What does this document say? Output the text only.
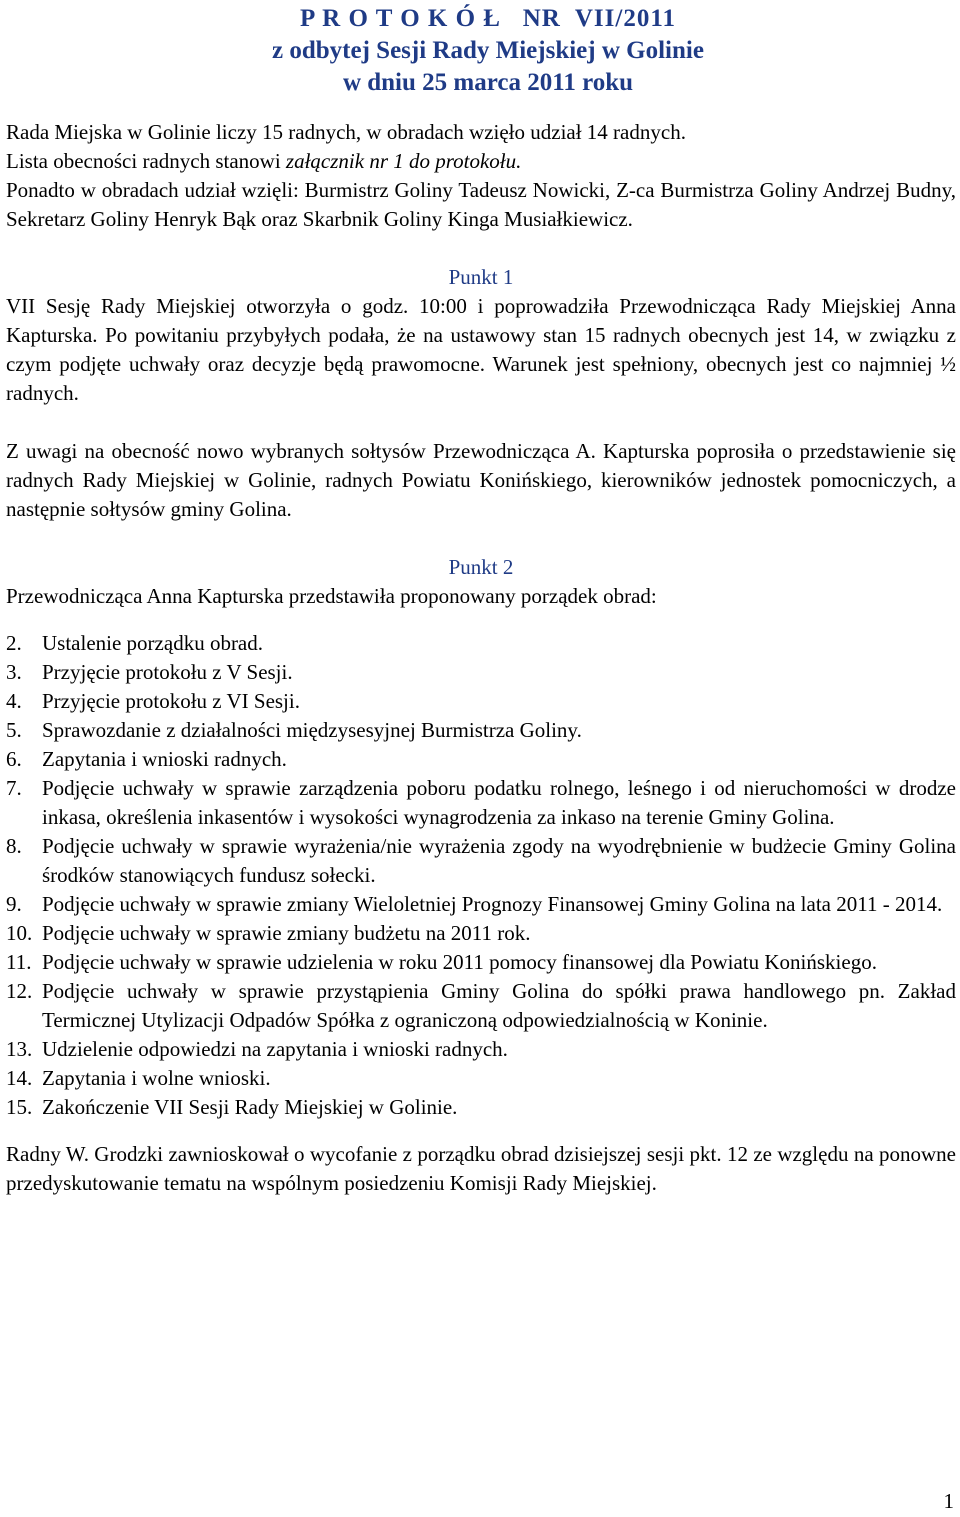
P R O T O K Ó Ł   NR  VII/2011
z odbytej Sesji Rady Miejskiej w Golinie
w dniu 25 marca 2011 roku

Rada Miejska w Golinie liczy 15 radnych, w obradach wzięło udział 14 radnych.

Lista obecności radnych stanowi załącznik nr 1 do protokołu.

Ponadto w obradach udział wzięli: Burmistrz Goliny Tadeusz Nowicki, Z-ca Burmistrza Goliny Andrzej Budny, Sekretarz Goliny Henryk Bąk oraz Skarbnik Goliny Kinga Musiałkiewicz.

Punkt 1

VII Sesję Rady Miejskiej otworzyła o godz. 10:00 i poprowadziła Przewodnicząca Rady Miejskiej Anna Kapturska. Po powitaniu przybyłych podała, że na ustawowy stan 15 radnych obecnych jest 14, w związku z czym podjęte uchwały oraz decyzje będą prawomocne. Warunek jest spełniony, obecnych jest co najmniej ½ radnych.

Z uwagi na obecność nowo wybranych sołtysów Przewodnicząca A. Kapturska poprosiła o przedstawienie się radnych Rady Miejskiej w Golinie, radnych Powiatu Konińskiego, kierowników jednostek pomocniczych, a następnie sołtysów gminy Golina.

Punkt 2

Przewodnicząca Anna Kapturska przedstawiła proponowany porządek obrad:

2. Ustalenie porządku obrad.
3. Przyjęcie protokołu z V Sesji.
4. Przyjęcie protokołu z VI Sesji.
5. Sprawozdanie z działalności międzysesyjnej Burmistrza Goliny.
6. Zapytania i wnioski radnych.
7. Podjęcie uchwały w sprawie zarządzenia poboru podatku rolnego, leśnego i od nieruchomości w drodze inkasa, określenia inkasentów i wysokości wynagrodzenia za inkaso na terenie Gminy Golina.
8. Podjęcie uchwały w sprawie wyrażenia/nie wyrażenia zgody na wyodrębnienie w budżecie Gminy Golina środków stanowiących fundusz sołecki.
9. Podjęcie uchwały w sprawie zmiany Wieloletniej Prognozy Finansowej Gminy Golina na lata 2011 - 2014.
10. Podjęcie uchwały w sprawie zmiany budżetu na 2011 rok.
11. Podjęcie uchwały w sprawie udzielenia w roku 2011 pomocy finansowej dla Powiatu Konińskiego.
12. Podjęcie uchwały w sprawie przystąpienia Gminy Golina do spółki prawa handlowego pn. Zakład Termicznej Utylizacji Odpadów Spółka z ograniczoną odpowiedzialnością w Koninie.
13. Udzielenie odpowiedzi na zapytania i wnioski radnych.
14. Zapytania i wolne wnioski.
15. Zakończenie VII Sesji Rady Miejskiej w Golinie.

Radny W. Grodzki zawnioskował o wycofanie z porządku obrad dzisiejszej sesji pkt. 12 ze względu na ponowne przedyskutowanie tematu na wspólnym posiedzeniu Komisji Rady Miejskiej.

1
